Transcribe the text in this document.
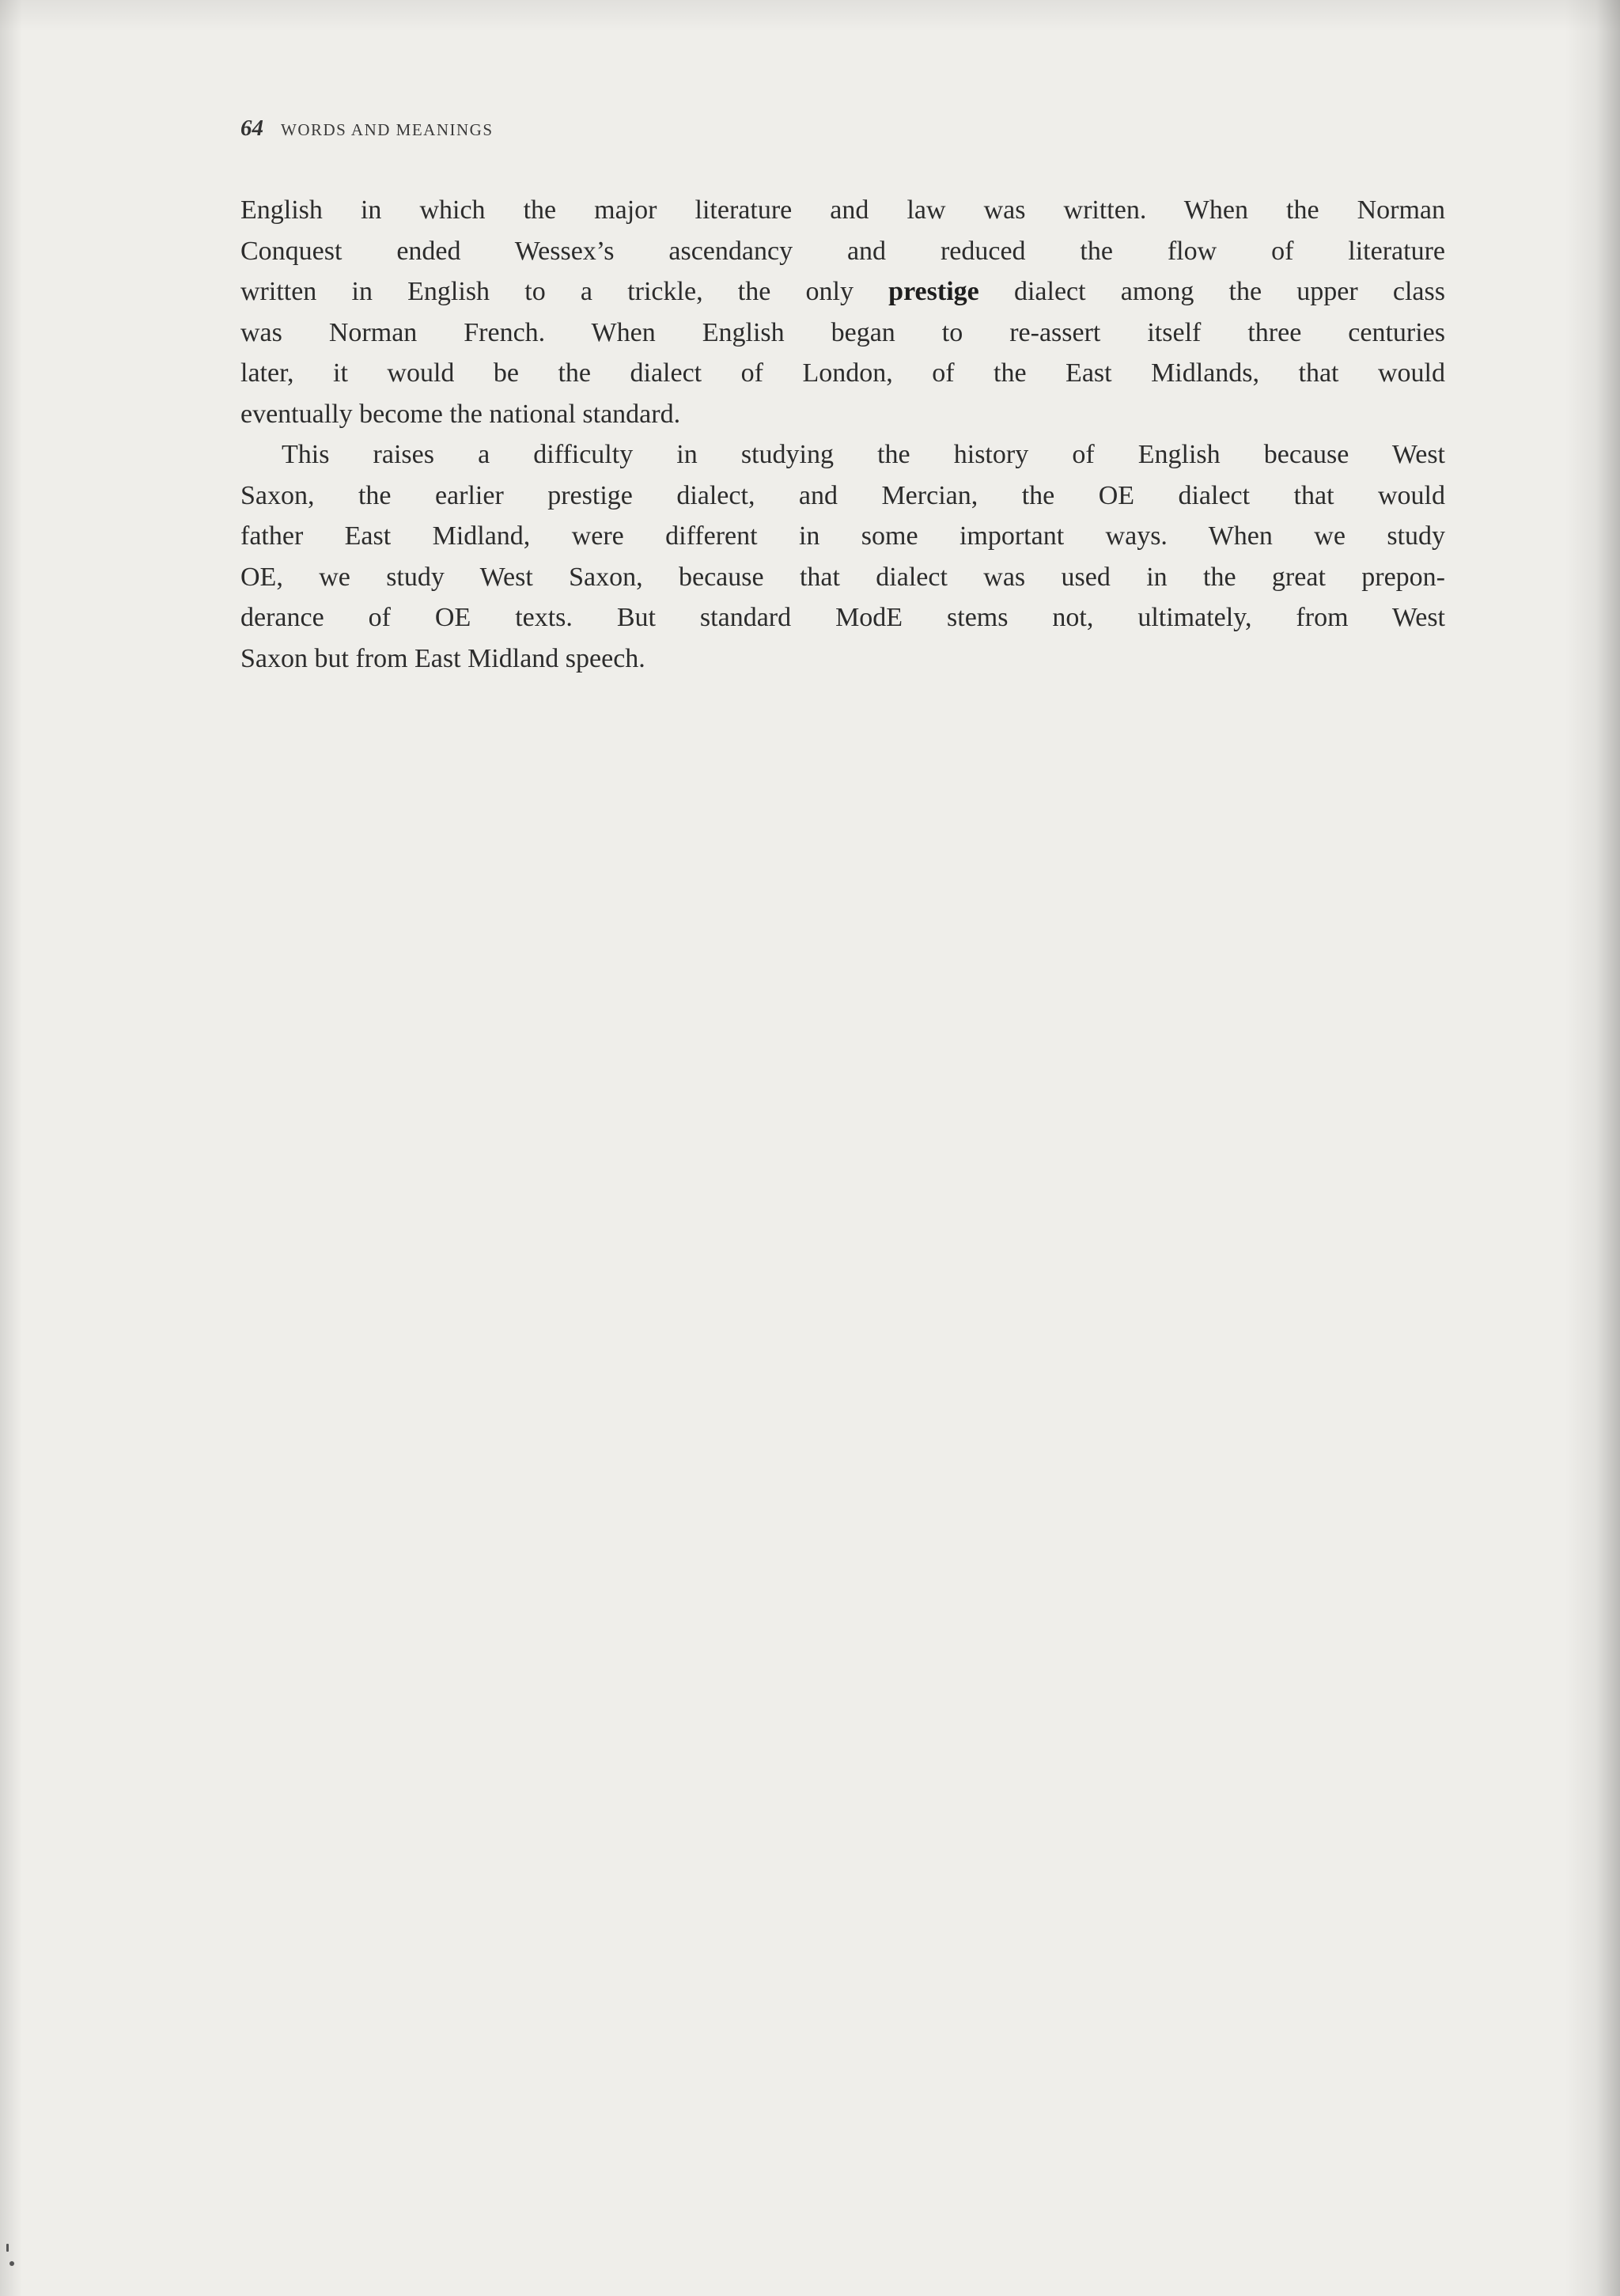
64 WORDS AND MEANINGS
English in which the major literature and law was written. When the Norman
Conquest ended Wessex’s ascendancy and reduced the flow of literature
written in English to a trickle, the only prestige dialect among the upper class
was Norman French. When English began to re-assert itself three centuries
later, it would be the dialect of London, of the East Midlands, that would
eventually become the national standard.
This raises a difficulty in studying the history of English because West
Saxon, the earlier prestige dialect, and Mercian, the OE dialect that would
father East Midland, were different in some important ways. When we study
OE, we study West Saxon, because that dialect was used in the great prepon-
derance of OE texts. But standard ModE stems not, ultimately, from West
Saxon but from East Midland speech.
